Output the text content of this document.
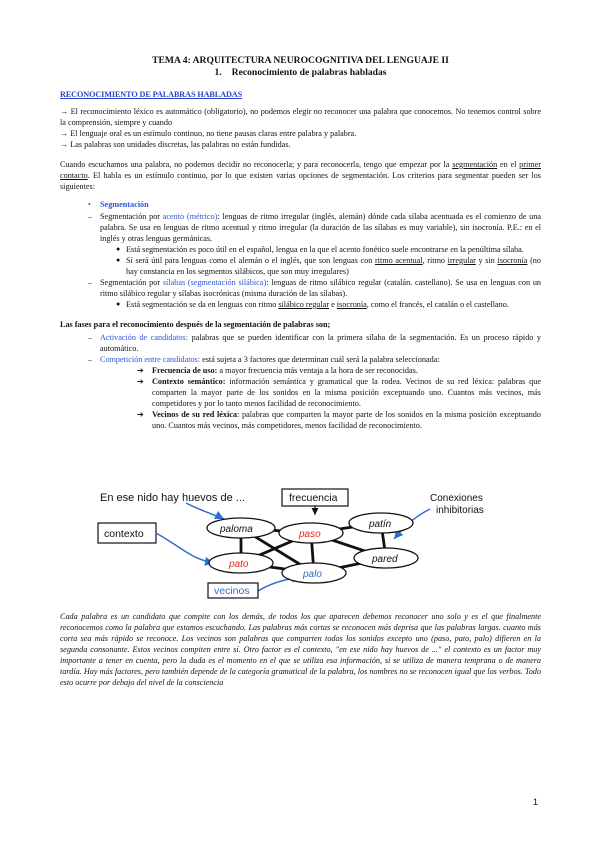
TEMA 4: ARQUITECTURA NEUROCOGNITIVA DEL LENGUAJE II
1. Reconocimiento de palabras habladas
RECONOCIMIENTO DE PALABRAS HABLADAS

→ El reconocimiento léxico es automático (obligatorio), no podemos elegir no reconocer una palabra que conocemos. No tenemos control sobre la comprensión, siempre y cuando

→ El lenguaje oral es un estímulo continuo, no tiene pausas claras entre palabra y palabra.

→ Las palabras son unidades discretas, las palabras no están fundidas.

Cuando escuchamos una palabra, no podemos decidir no reconocerla; y para reconocerla, tengo que empezar por la segmentación en el primer contacto. El habla es un estímulo continuo, por lo que existen varias opciones de segmentación. Los criterios para segmentar pueden ser los siguientes:

• Segmentación
– Segmentación por acento (métrico): lenguas de ritmo irregular (inglés, alemán) dónde cada sílaba acentuada es el comienzo de una palabra. Se usa en lenguas de ritmo acentual y ritmo irregular (la duración de las sílabas es muy variable), sin isocronía. P.E.: en el inglés y otras lenguas germánicas.

● Está segmentación es poco útil en el español, lengua en la que el acento fonético suele encontrarse en la penúltima sílaba.

● Sí será útil para lenguas como el alemán o el inglés, que son lenguas con ritmo acentual, ritmo irregular y sin isocronía (no hay constancia en los segmentos silábicos, que son muy irregulares)

– Segmentación por sílabas (segmentación silábica): lenguas de ritmo silábico regular (catalán. castellano). Se usa en lenguas con un ritmo silábico regular y sílabas isocrónicas (misma duración de las sílabas).

● Está segmentación se da en lenguas con ritmo silábico regular e isocronía, como el francés, el catalán o el castellano.

Las fases para el reconocimiento después de la segmentación de palabras son;

– Activación de candidatos: palabras que se pueden identificar con la primera sílaba de la segmentación. Es un proceso rápido y automático.

– Competición entre candidatos: está sujeta a 3 factores que determinan cuál será la palabra seleccionada:

➔ Frecuencia de uso: a mayor frecuencia más ventaja a la hora de ser reconocidas.

➔ Contexto semántico: información semántica y gramatical que la rodea. Vecinos de su red léxica: palabras que comparten la mayor parte de los sonidos en la misma posición exceptuando uno. Cuantos más vecinos, más competidores y por lo tanto menos facilidad de reconocimiento.

➔ Vecinos de su red léxica: palabras que comparten la mayor parte de los sonidos en la misma posición exceptuando uno. Cuantos más vecinos, más competidores, menos facilidad de reconocimiento.

En ese nido hay huevos de ...	frecuencia	Conexiones inhibitorias
contexto	paloma	paso
patín
pato	pared
palo
vecinos

Cada palabra es un candidato que compite con los demás, de todos los que aparecen debemos reconocer uno solo y es el que finalmente reconocemos como la palabra que estamos escuchando. Las palabras más cortas se reconocen más deprisa que las palabras largas. cuanto más corta sea más rápido se reconoce. Los vecinos son palabras que comparten todos los sonidos excepto uno (paso, pato, palo) difieren en la segunda consonante. Estos vecinos compiten entre sí. Otro factor es el contexto, "en ese nido hay huevos de ..." el contexto es un factor muy importante a tener en cuenta, pero la duda es el momento en el que se utiliza esa información, si se utiliza de manera temprana o de manera tardía. Hay más factores, pero también depende de la categoría gramatical de la palabra, los nombres no se reconocen igual que los verbos. Todo esto ocurre por debajo del nivel de la consciencia

1
